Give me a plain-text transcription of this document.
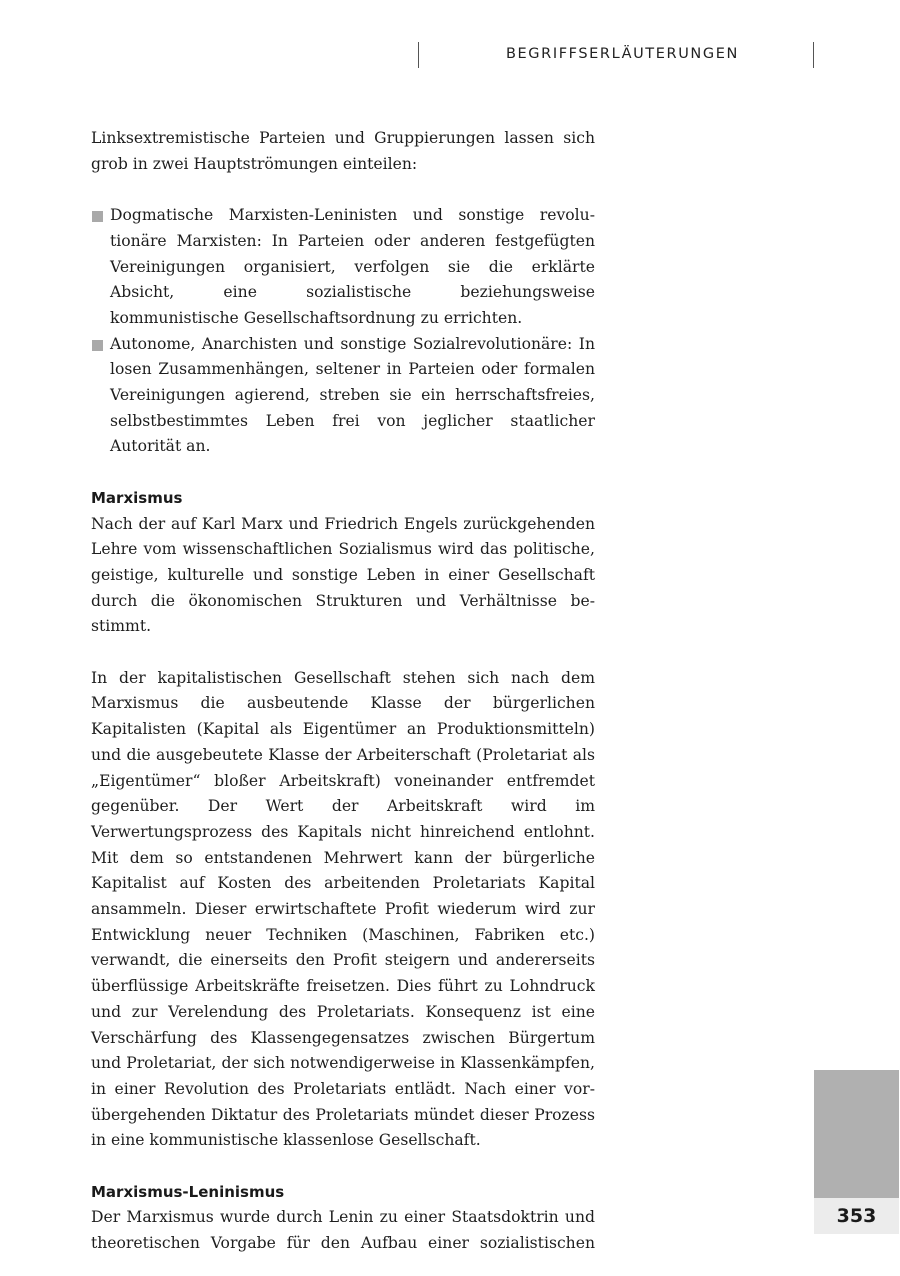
BEGRIFFSERLÄUTERUNGEN

Linksextremistische Parteien und Gruppierungen lassen sich grob in zwei Hauptströmungen einteilen:

Dogmatische Marxisten-Leninisten und sonstige revolutionäre Marxisten: In Parteien oder anderen festgefügten Vereinigungen organisiert, verfolgen sie die erklärte Absicht, eine sozialistische beziehungsweise kommunistische Gesellschaftsordnung zu errichten.
Autonome, Anarchisten und sonstige Sozialrevolutionäre: In losen Zusammenhängen, seltener in Parteien oder formalen Vereinigungen agierend, streben sie ein herrschaftsfreies, selbstbestimmtes Leben frei von jeglicher staatlicher Autorität an.
Marxismus

Nach der auf Karl Marx und Friedrich Engels zurückgehenden Lehre vom wissenschaftlichen Sozialismus wird das politische, geistige, kulturelle und sonstige Leben in einer Gesellschaft durch die ökonomischen Strukturen und Verhältnisse bestimmt.

In der kapitalistischen Gesellschaft stehen sich nach dem Marxismus die ausbeutende Klasse der bürgerlichen Kapitalisten (Kapital als Eigentümer an Produktionsmitteln) und die ausgebeutete Klasse der Arbeiterschaft (Proletariat als „Eigentümer“ bloßer Arbeitskraft) voneinander entfremdet gegenüber. Der Wert der Arbeitskraft wird im Verwertungsprozess des Kapitals nicht hinreichend entlohnt. Mit dem so entstandenen Mehrwert kann der bürgerliche Kapitalist auf Kosten des arbeitenden Proletariats Kapital ansammeln. Dieser erwirtschaftete Profit wiederum wird zur Entwicklung neuer Techniken (Maschinen, Fabriken etc.) verwandt, die einerseits den Profit steigern und andererseits überflüssige Arbeitskräfte freisetzen. Dies führt zu Lohndruck und zur Verelendung des Proletariats. Konsequenz ist eine Verschärfung des Klassengegensatzes zwischen Bürgertum und Proletariat, der sich notwendigerweise in Klassenkämpfen, in einer Revolution des Proletariats entlädt. Nach einer vorübergehenden Diktatur des Proletariats mündet dieser Prozess in eine kommunistische klassenlose Gesellschaft.

Marxismus-Leninismus

Der Marxismus wurde durch Lenin zu einer Staatsdoktrin und theoretischen Vorgabe für den Aufbau einer sozialistischen

353
